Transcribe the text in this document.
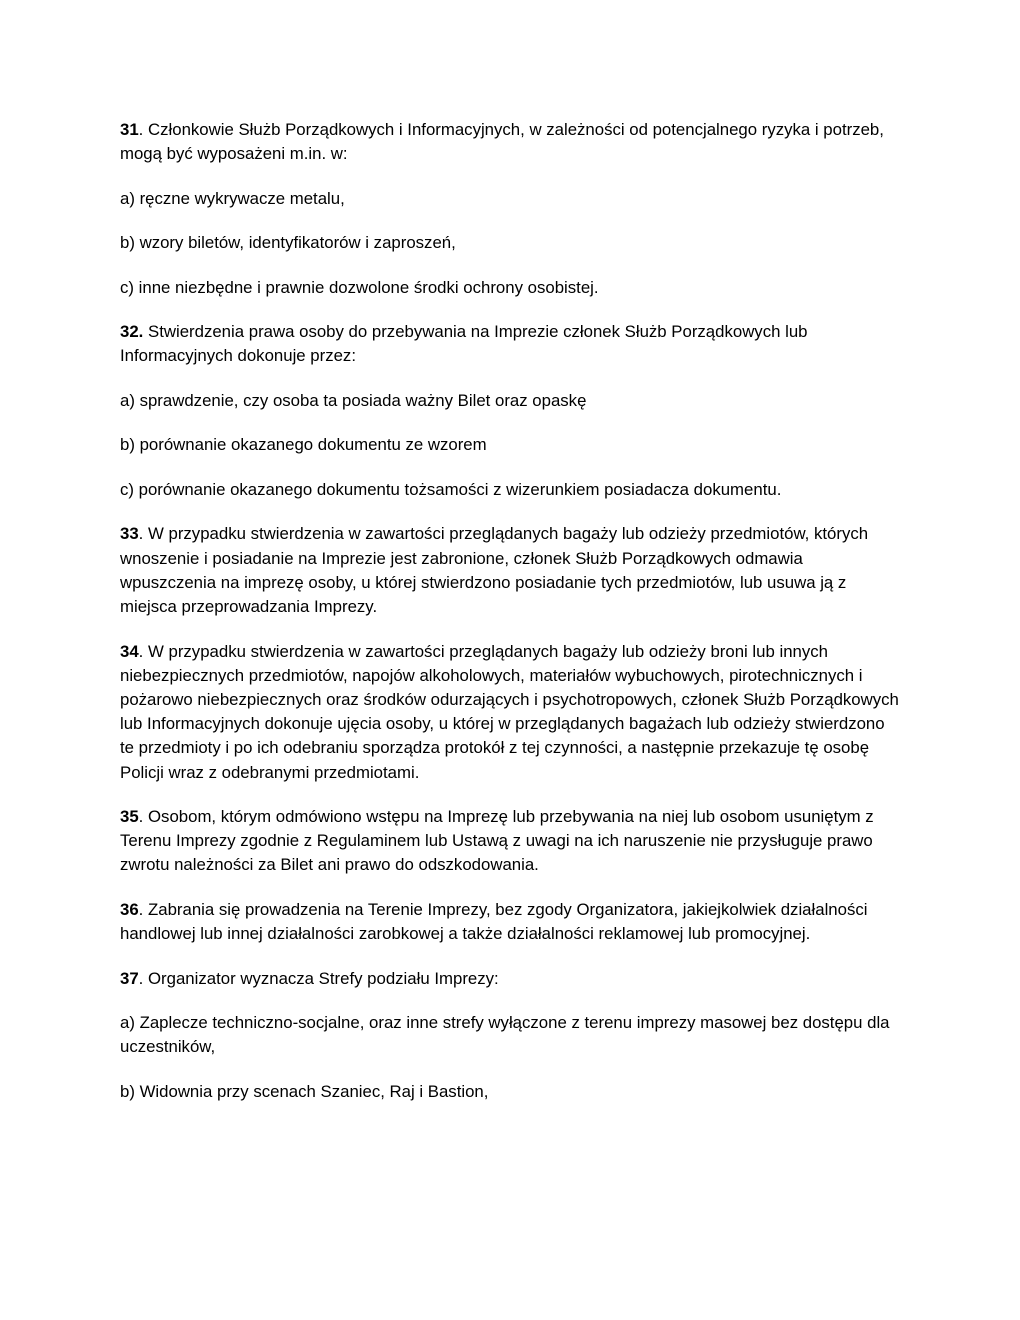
31. Członkowie Służb Porządkowych i Informacyjnych, w zależności od potencjalnego ryzyka i potrzeb, mogą być wyposażeni m.in. w:

a) ręczne wykrywacze metalu,

b) wzory biletów, identyfikatorów i zaproszeń,

c) inne niezbędne i prawnie dozwolone środki ochrony osobistej.

32. Stwierdzenia prawa osoby do przebywania na Imprezie członek Służb Porządkowych lub Informacyjnych dokonuje przez:

a) sprawdzenie, czy osoba ta posiada ważny Bilet oraz opaskę

b) porównanie okazanego dokumentu ze wzorem

c) porównanie okazanego dokumentu tożsamości z wizerunkiem posiadacza dokumentu.

33. W przypadku stwierdzenia w zawartości przeglądanych bagaży lub odzieży przedmiotów, których wnoszenie i posiadanie na Imprezie jest zabronione, członek Służb Porządkowych odmawia wpuszczenia na imprezę osoby, u której stwierdzono posiadanie tych przedmiotów, lub usuwa ją z miejsca przeprowadzania Imprezy.

34. W przypadku stwierdzenia w zawartości przeglądanych bagaży lub odzieży broni lub innych niebezpiecznych przedmiotów, napojów alkoholowych, materiałów wybuchowych, pirotechnicznych i pożarowo niebezpiecznych oraz środków odurzających i psychotropowych, członek Służb Porządkowych lub Informacyjnych dokonuje ujęcia osoby, u której w przeglądanych bagażach lub odzieży stwierdzono te przedmioty i po ich odebraniu sporządza protokół z tej czynności, a następnie przekazuje tę osobę Policji wraz z odebranymi przedmiotami.

35. Osobom, którym odmówiono wstępu na Imprezę lub przebywania na niej lub osobom usuniętym z Terenu Imprezy zgodnie z Regulaminem lub Ustawą z uwagi na ich naruszenie nie przysługuje prawo zwrotu należności za Bilet ani prawo do odszkodowania.

36. Zabrania się prowadzenia na Terenie Imprezy, bez zgody Organizatora, jakiejkolwiek działalności handlowej lub innej działalności zarobkowej a także działalności reklamowej lub promocyjnej.

37. Organizator wyznacza Strefy podziału Imprezy:

a) Zaplecze techniczno-socjalne, oraz inne strefy wyłączone z terenu imprezy masowej bez dostępu dla uczestników,

b) Widownia przy scenach Szaniec, Raj i Bastion,
